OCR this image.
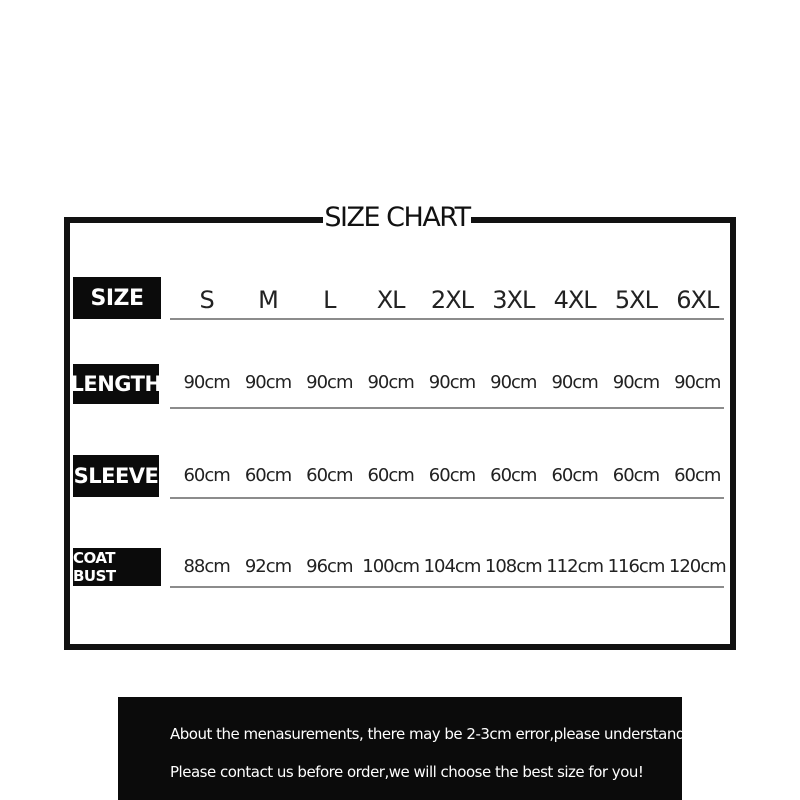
SIZE CHART
SIZE	S	M	L	XL	2XL 3XL 4XL 5XL 6XL
LENGTH	90cm 90cm 90cm 90cm 90cm 90cm 90cm 90cm 90cm
SLEEVE	60cm 60cm 60cm 60cm 60cm 60cm 60cm 60cm 60cm
COAT BUST	88cm 92cm 96cm 100cm 104cm 108cm 112cm 116cm 120cm
About the menasurements, there may be 2-3cm error,please understand!
Please contact us before order,we will choose the best size for you!
